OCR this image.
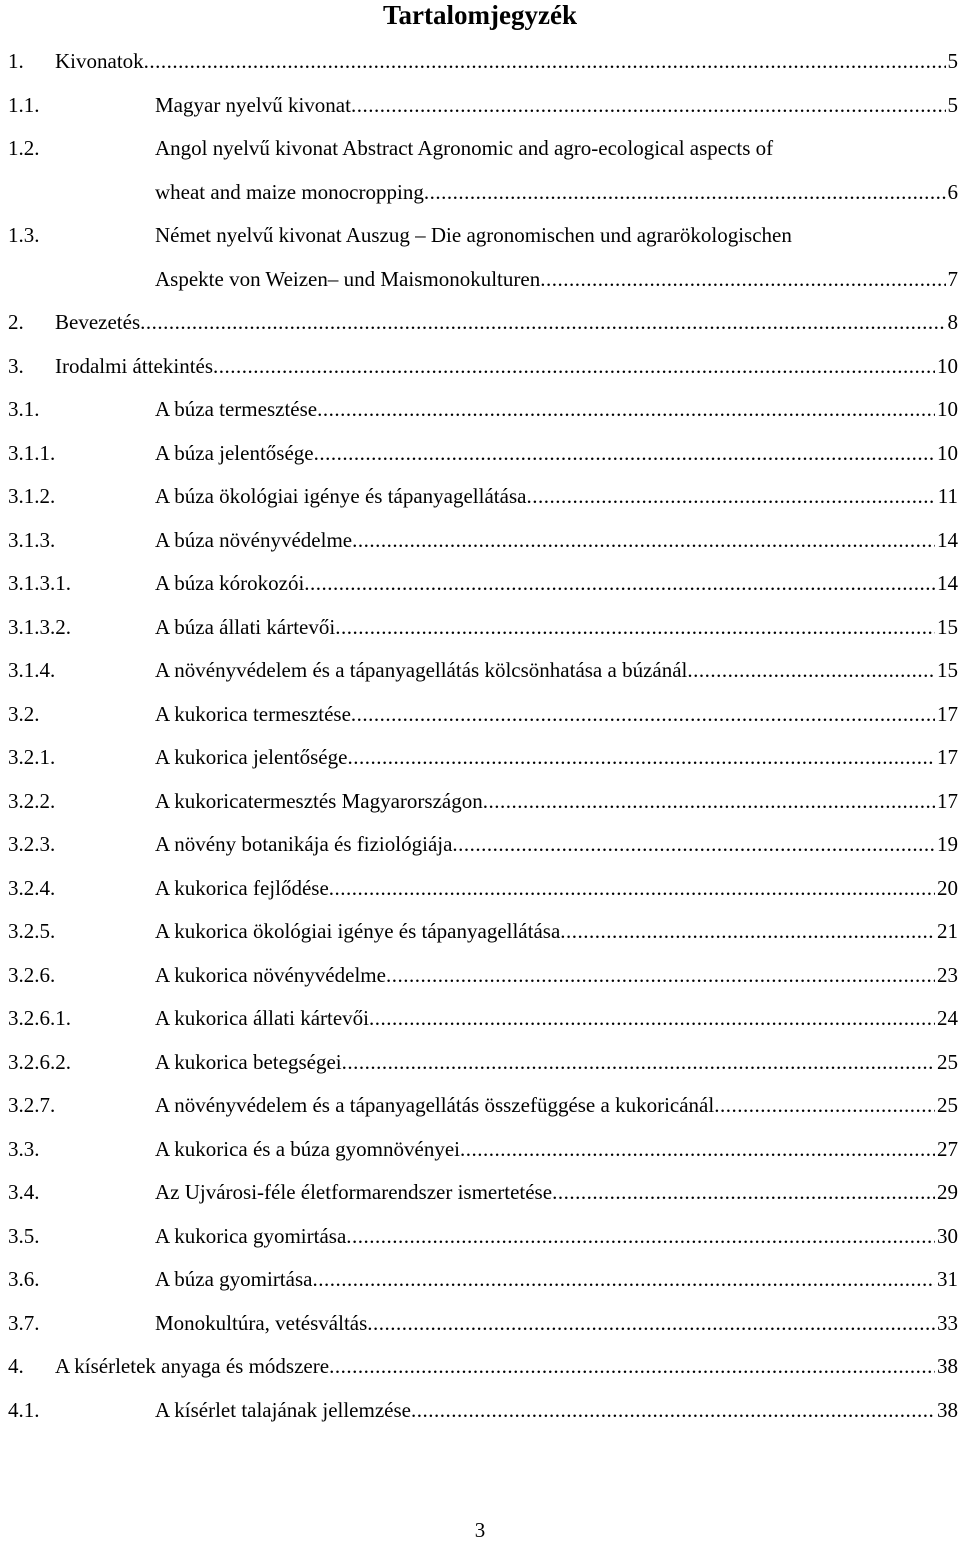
Tartalomjegyzék
1.	Kivonatok .....	5
1.1.	Magyar nyelvű kivonat .....	5
1.2.	Angol nyelvű kivonat Abstract Agronomic and agro-ecological aspects of
wheat and maize monocropping .....	6
1.3.	Német nyelvű kivonat Auszug – Die agronomischen und agrarökologischen
Aspekte von Weizen– und Maismonokulturen .....	7
2.	Bevezetés .....	8
3.	Irodalmi áttekintés .....	10
3.1.	A búza termesztése .....	10
3.1.1.	A búza jelentősége .....	10
3.1.2.	A búza ökológiai igénye és tápanyagellátása .....	11
3.1.3.	A búza növényvédelme .....	14
3.1.3.1.	A búza kórokozói .....	14
3.1.3.2.	A búza állati kártevői .....	15
3.1.4.	A növényvédelem és a tápanyagellátás kölcsönhatása a búzánál .....	15
3.2.	A kukorica termesztése .....	17
3.2.1.	A kukorica jelentősége .....	17
3.2.2.	A kukoricatermesztés Magyarországon .....	17
3.2.3.	A növény botanikája és fiziológiája .....	19
3.2.4.	A kukorica fejlődése .....	20
3.2.5.	A kukorica ökológiai igénye és tápanyagellátása .....	21
3.2.6.	A kukorica növényvédelme .....	23
3.2.6.1.	A kukorica állati kártevői .....	24
3.2.6.2.	A kukorica betegségei .....	25
3.2.7.	A növényvédelem és a tápanyagellátás összefüggése a kukoricánál .....	25
3.3.	A kukorica és a búza gyomnövényei .....	27
3.4.	Az Ujvárosi-féle életformarendszer ismertetése .....	29
3.5.	A kukorica gyomirtása .....	30
3.6.	A búza gyomirtása .....	31
3.7.	Monokultúra, vetésváltás .....	33
4.	A kísérletek anyaga és módszere .....	38
4.1.	A kísérlet talajának jellemzése .....	38
3
